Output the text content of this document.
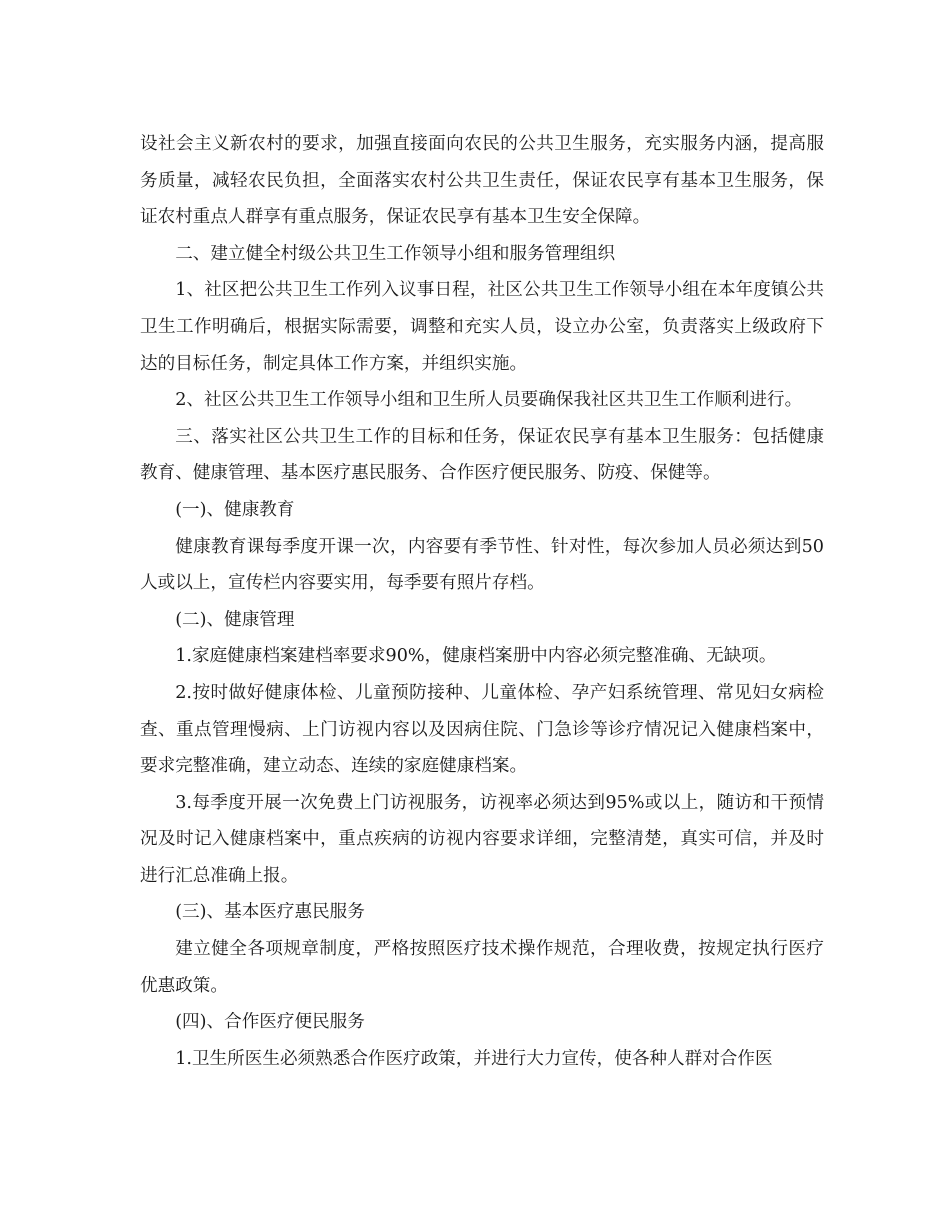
设社会主义新农村的要求，加强直接面向农民的公共卫生服务，充实服务内涵，提高服务质量，减轻农民负担，全面落实农村公共卫生责任，保证农民享有基本卫生服务，保证农村重点人群享有重点服务，保证农民享有基本卫生安全保障。

二、建立健全村级公共卫生工作领导小组和服务管理组织

1、社区把公共卫生工作列入议事日程，社区公共卫生工作领导小组在本年度镇公共卫生工作明确后，根据实际需要，调整和充实人员，设立办公室，负责落实上级政府下达的目标任务，制定具体工作方案，并组织实施。

2、社区公共卫生工作领导小组和卫生所人员要确保我社区共卫生工作顺利进行。

三、落实社区公共卫生工作的目标和任务，保证农民享有基本卫生服务：包括健康教育、健康管理、基本医疗惠民服务、合作医疗便民服务、防疫、保健等。

(一)、健康教育

健康教育课每季度开课一次，内容要有季节性、针对性，每次参加人员必须达到50人或以上，宣传栏内容要实用，每季要有照片存档。

(二)、健康管理

1.家庭健康档案建档率要求90%，健康档案册中内容必须完整准确、无缺项。

2.按时做好健康体检、儿童预防接种、儿童体检、孕产妇系统管理、常见妇女病检查、重点管理慢病、上门访视内容以及因病住院、门急诊等诊疗情况记入健康档案中，要求完整准确，建立动态、连续的家庭健康档案。

3.每季度开展一次免费上门访视服务，访视率必须达到95%或以上，随访和干预情况及时记入健康档案中，重点疾病的访视内容要求详细，完整清楚，真实可信，并及时进行汇总准确上报。

(三)、基本医疗惠民服务

建立健全各项规章制度，严格按照医疗技术操作规范，合理收费，按规定执行医疗优惠政策。

(四)、合作医疗便民服务

1.卫生所医生必须熟悉合作医疗政策，并进行大力宣传，使各种人群对合作医
